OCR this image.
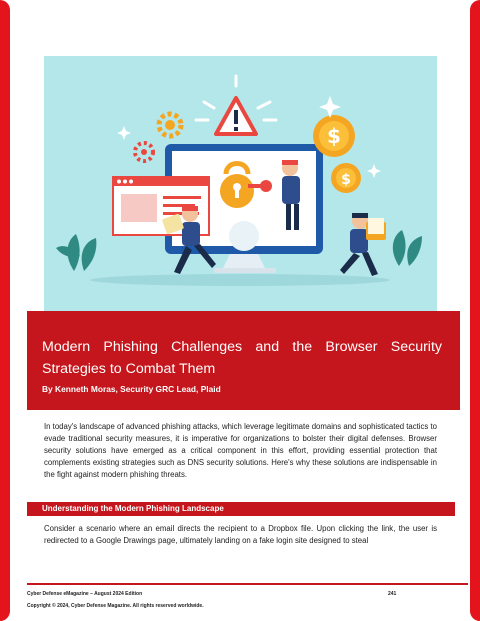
$
$
Modern Phishing Challenges and the Browser Security Strategies to Combat Them
By Kenneth Moras, Security GRC Lead, Plaid

In today's landscape of advanced phishing attacks, which leverage legitimate domains and sophisticated tactics to evade traditional security measures, it is imperative for organizations to bolster their digital defenses. Browser security solutions have emerged as a critical component in this effort, providing essential protection that complements existing strategies such as DNS security solutions. Here's why these solutions are indispensable in the fight against modern phishing threats.

Understanding the Modern Phishing Landscape

Consider a scenario where an email directs the recipient to a Dropbox file. Upon clicking the link, the user is redirected to a Google Drawings page, ultimately landing on a fake login site designed to steal

Cyber Defense eMagazine – August 2024 Edition	241
Copyright © 2024, Cyber Defense Magazine. All rights reserved worldwide.
